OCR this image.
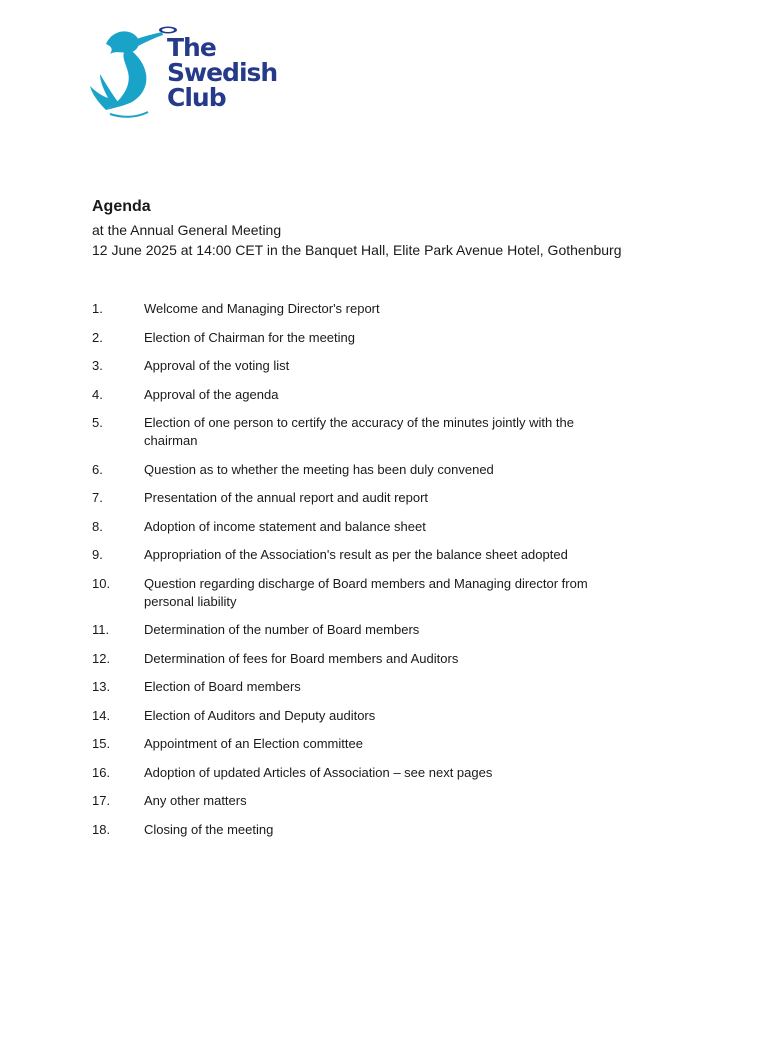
The
Swedish
Club
Agenda

at the Annual General Meeting

12 June 2025 at 14:00 CET in the Banquet Hall, Elite Park Avenue Hotel, Gothenburg

1.	Welcome and Managing Director's report
2.	Election of Chairman for the meeting
3.	Approval of the voting list
4.	Approval of the agenda
5.	Election of one person to certify the accuracy of the minutes jointly with the chairman
6.	Question as to whether the meeting has been duly convened
7.	Presentation of the annual report and audit report
8.	Adoption of income statement and balance sheet
9.	Appropriation of the Association's result as per the balance sheet adopted
10.	Question regarding discharge of Board members and Managing director from personal liability
11.	Determination of the number of Board members
12.	Determination of fees for Board members and Auditors
13.	Election of Board members
14.	Election of Auditors and Deputy auditors
15.	Appointment of an Election committee
16.	Adoption of updated Articles of Association – see next pages
17.	Any other matters
18.	Closing of the meeting
